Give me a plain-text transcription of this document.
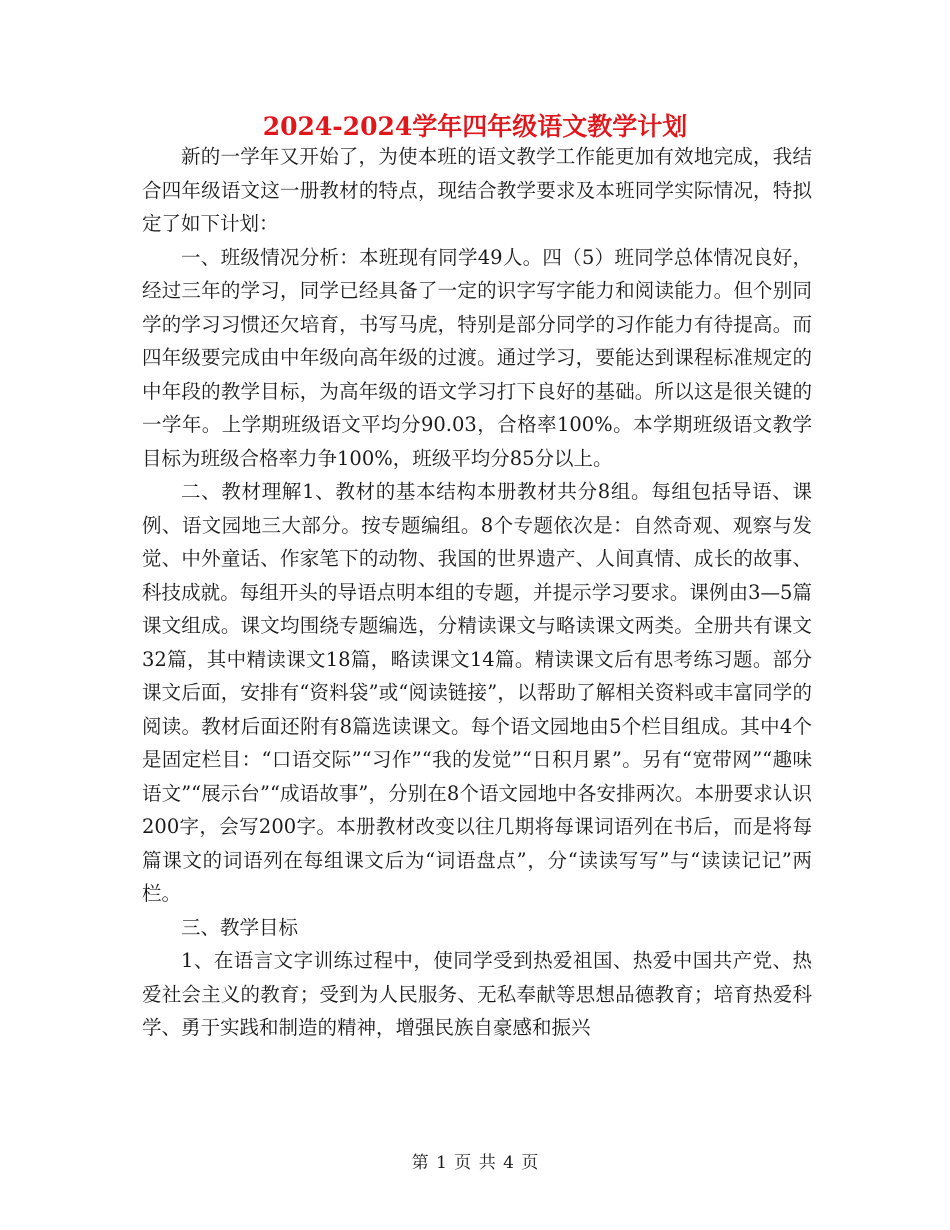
2024-2024学年四年级语文教学计划

新的一学年又开始了，为使本班的语文教学工作能更加有效地完成，我结合四年级语文这一册教材的特点，现结合教学要求及本班同学实际情况，特拟定了如下计划：

一、班级情况分析：本班现有同学49人。四（5）班同学总体情况良好，经过三年的学习，同学已经具备了一定的识字写字能力和阅读能力。但个别同学的学习习惯还欠培育，书写马虎，特别是部分同学的习作能力有待提高。而四年级要完成由中年级向高年级的过渡。通过学习，要能达到课程标准规定的中年段的教学目标，为高年级的语文学习打下良好的基础。所以这是很关键的一学年。上学期班级语文平均分90.03，合格率100%。本学期班级语文教学目标为班级合格率力争100%，班级平均分85分以上。

二、教材理解1、教材的基本结构本册教材共分8组。每组包括导语、课例、语文园地三大部分。按专题编组。8个专题依次是：自然奇观、观察与发觉、中外童话、作家笔下的动物、我国的世界遗产、人间真情、成长的故事、科技成就。每组开头的导语点明本组的专题，并提示学习要求。课例由3—5篇课文组成。课文均围绕专题编选，分精读课文与略读课文两类。全册共有课文32篇，其中精读课文18篇，略读课文14篇。精读课文后有思考练习题。部分课文后面，安排有“资料袋”或“阅读链接”，以帮助了解相关资料或丰富同学的阅读。教材后面还附有8篇选读课文。每个语文园地由5个栏目组成。其中4个是固定栏目：“口语交际”“习作”“我的发觉”“日积月累”。另有“宽带网”“趣味语文”“展示台”“成语故事”，分别在8个语文园地中各安排两次。本册要求认识200字，会写200字。本册教材改变以往几期将每课词语列在书后，而是将每篇课文的词语列在每组课文后为“词语盘点”，分“读读写写”与“读读记记”两栏。

三、教学目标

1、在语言文字训练过程中，使同学受到热爱祖国、热爱中国共产党、热爱社会主义的教育；受到为人民服务、无私奉献等思想品德教育；培育热爱科学、勇于实践和制造的精神，增强民族自豪感和振兴

第 1 页 共 4 页
